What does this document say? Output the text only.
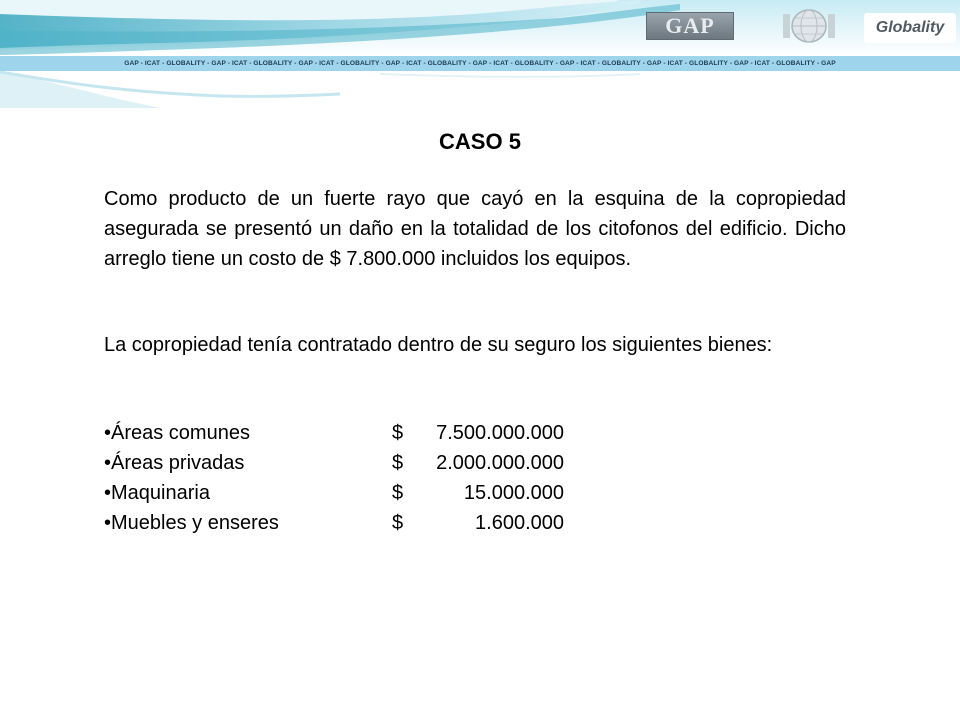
GAP	Globality
GAP - ICAT - GLOBALITY - GAP - ICAT - GLOBALITY - GAP - ICAT - GLOBALITY - GAP - ICAT - GLOBALITY - GAP - ICAT - GLOBALITY - GAP - ICAT - GLOBALITY - GAP - ICAT - GLOBALITY - GAP - ICAT - GLOBALITY - GAP
CASO 5

Como producto de un fuerte rayo que cayó en la esquina de la copropiedad asegurada se presentó un daño en la totalidad de los citofonos del edificio. Dicho arreglo tiene un costo de $ 7.800.000 incluidos los equipos.

La copropiedad tenía contratado dentro de su seguro los siguientes bienes:

•Áreas comunes	$	7.500.000.000
•Áreas privadas	$	2.000.000.000
•Maquinaria	$	15.000.000
•Muebles y enseres	$	1.600.000
